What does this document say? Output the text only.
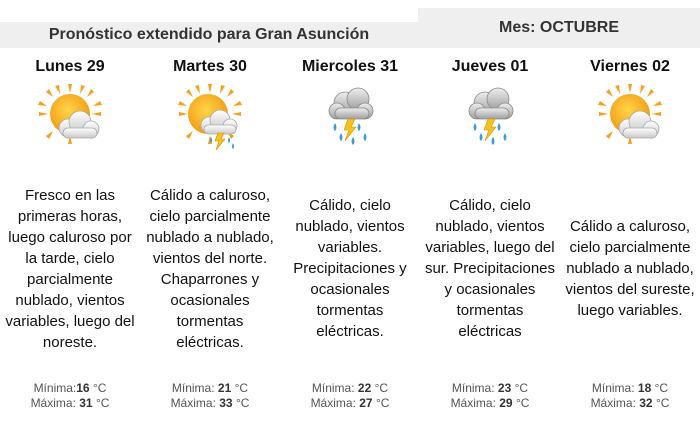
Pronóstico extendido para Gran Asunción	Mes: OCTUBRE
Lunes 29
Fresco en las primeras horas, luego caluroso por la tarde, cielo parcialmente nublado, vientos variables, luego del noreste.
Mínima:16 °C
Máxima: 31 °C
Martes 30
Cálido a caluroso, cielo parcialmente nublado a nublado, vientos del norte. Chaparrones y ocasionales tormentas eléctricas.
Mínima: 21 °C
Máxima: 33 °C
Miercoles 31
Cálido, cielo nublado, vientos variables. Precipitaciones y ocasionales tormentas eléctricas.
Mínima: 22 °C
Máxima: 27 °C
Jueves 01
Cálido, cielo nublado, vientos variables, luego del sur. Precipitaciones y ocasionales tormentas eléctricas
Mínima: 23 °C
Máxima: 29 °C
Viernes 02
Cálido a caluroso, cielo parcialmente nublado a nublado, vientos del sureste, luego variables.
Mínima: 18 °C
Máxima: 32 °C
